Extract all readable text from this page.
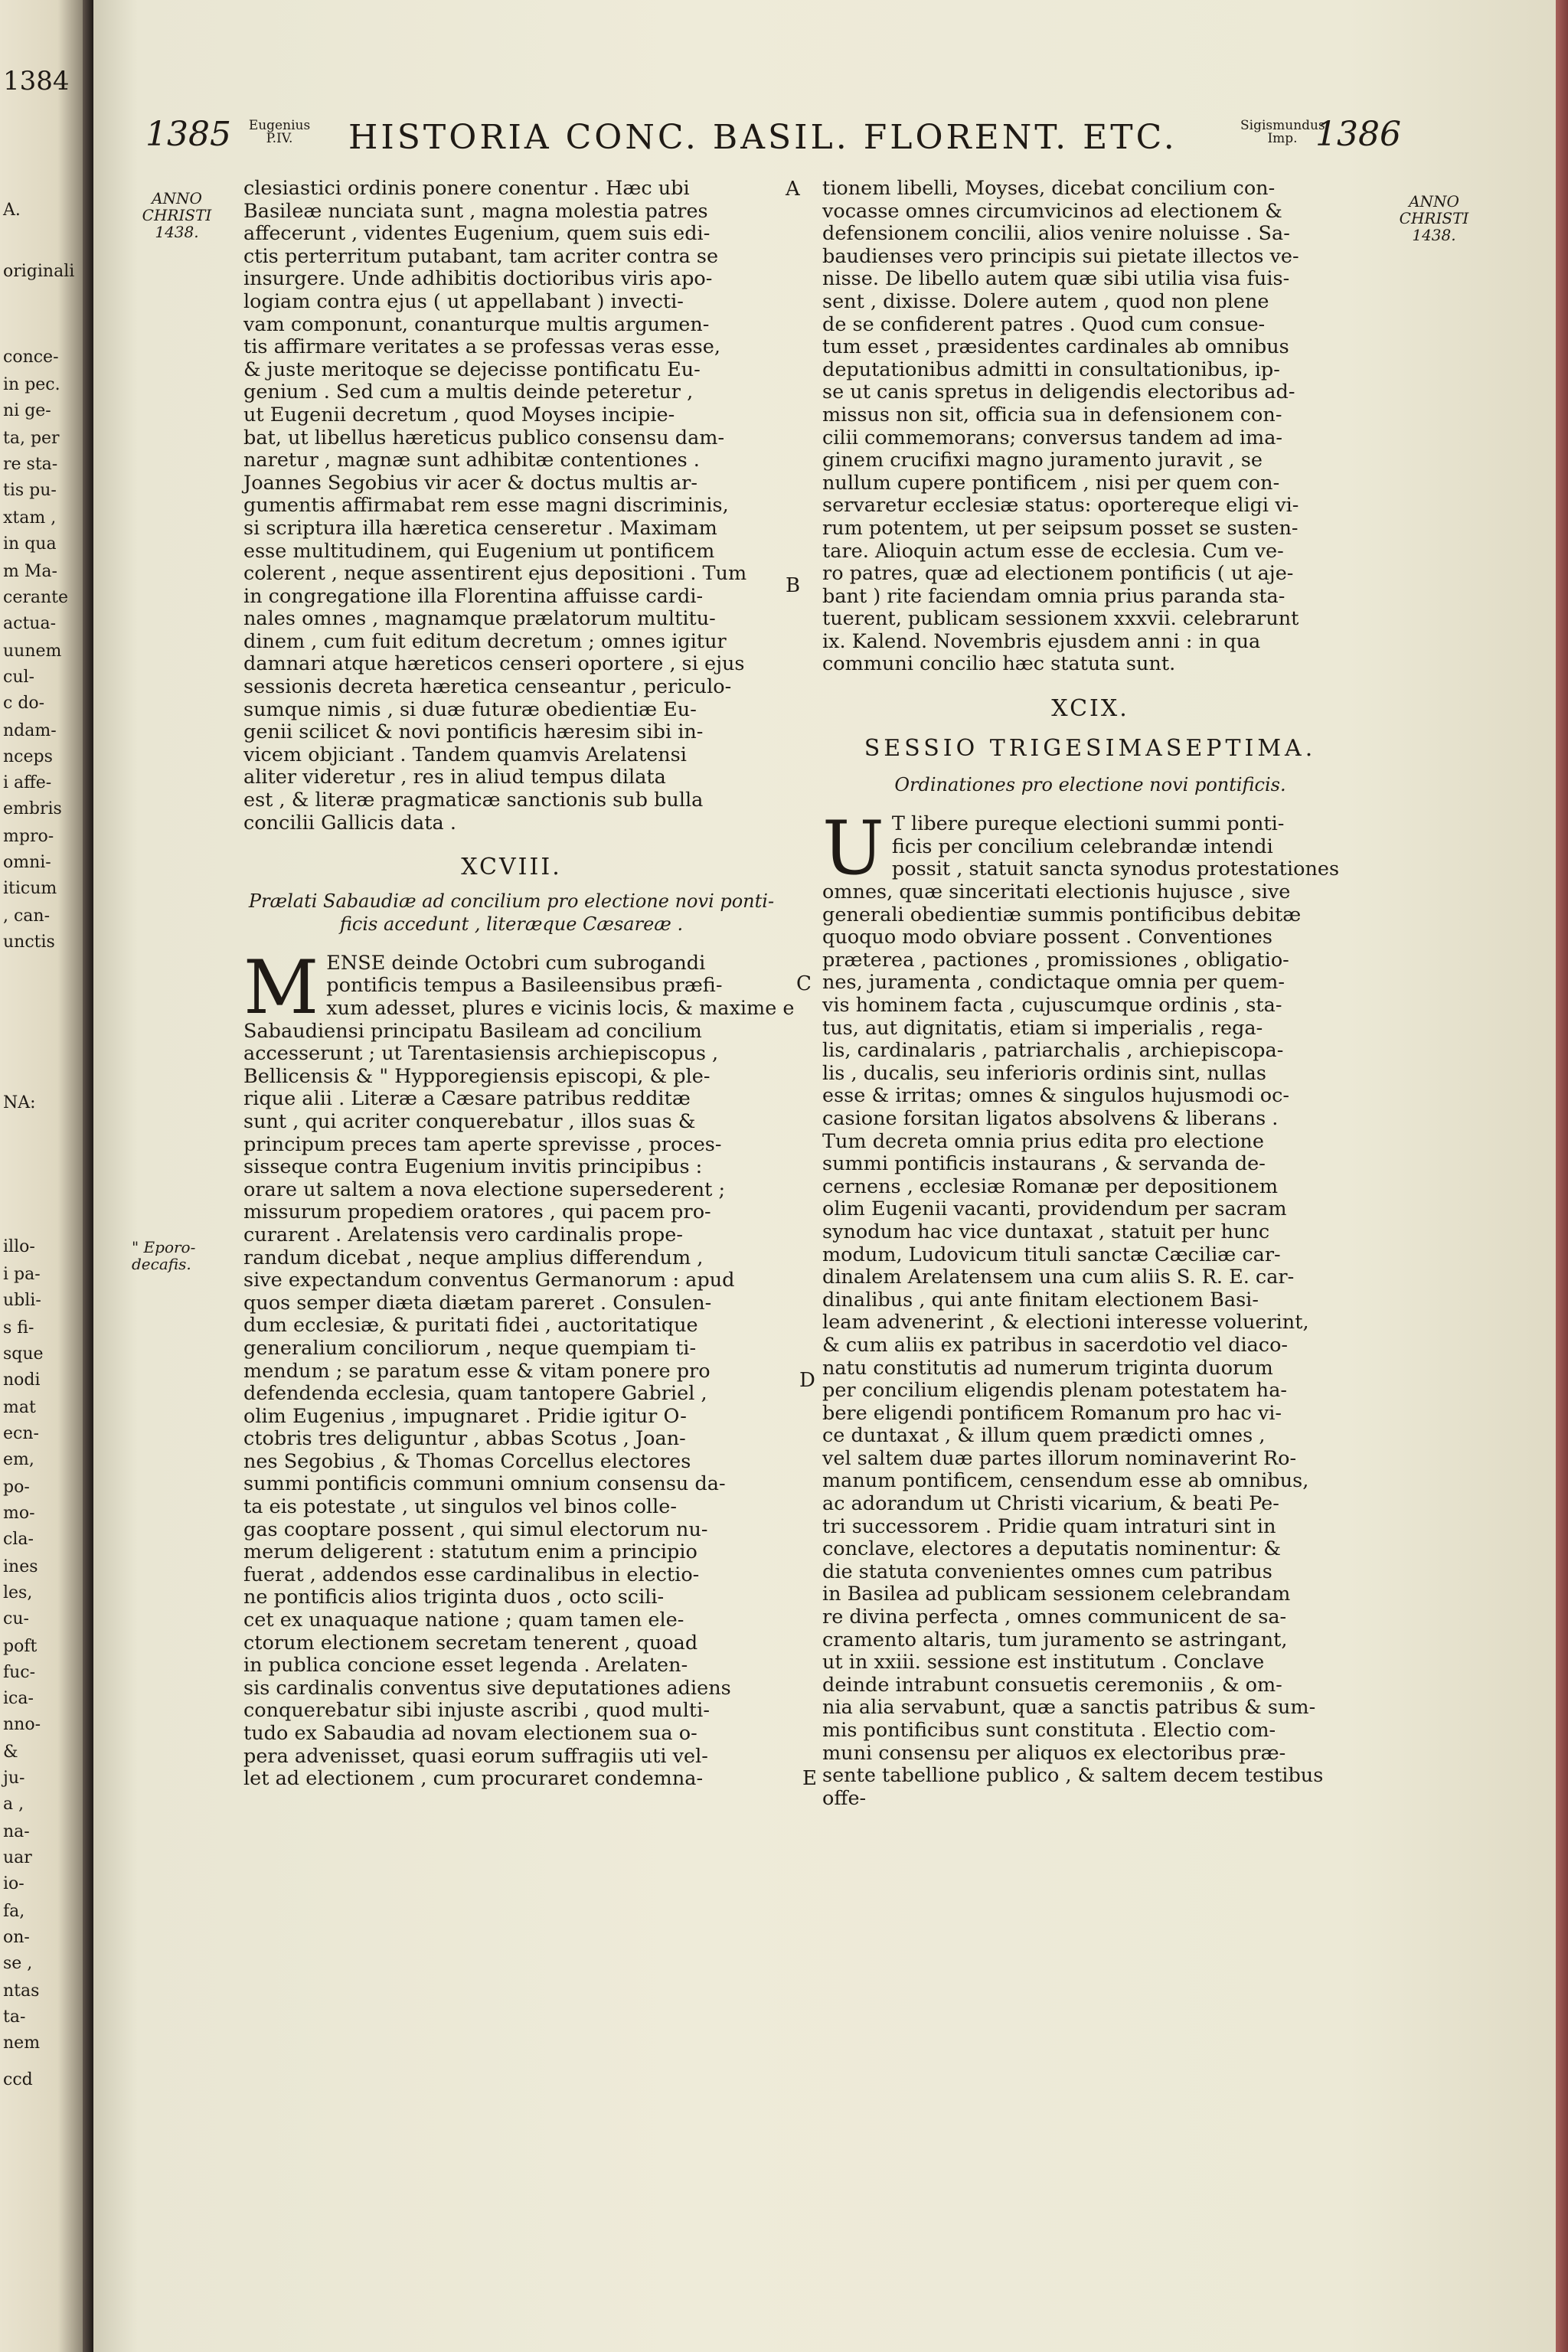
1384
A.
originali
conce-
in pec.
ni ge-
ta, per
re sta-
tis pu-
xtam ,
in qua
m Ma-
cerante
actua-
uunem
cul-
c do-
ndam-
nceps
i affe-
embris
mpro-
omni-
iticum
, can-
unctis
NA:
illo-
i pa-
ubli-
s fi-
sque
nodi
mat
ecn-
em,
po-
mo-
cla-
ines
les,
cu-
poft
fuc-
ica-
nno-
&
ju-
a ,
na-
uar
io-
fa,
on-
se ,
ntas
ta-
nem
ccd
1385	Eugenius P.IV.	HISTORIA CONC. BASIL. FLORENT. ETC.	Sigismundus Imp. 1386
ANNO
CHRISTI
1438.
ANNO
CHRISTI
1438.
" Eporo-
decafis.
A
B
C
D
E
clesiastici ordinis ponere conentur . Hæc ubi
Basileæ nunciata sunt , magna molestia patres
affecerunt , videntes Eugenium, quem suis edi-
ctis perterritum putabant, tam acriter contra se
insurgere. Unde adhibitis doctioribus viris apo-
logiam contra ejus ( ut appellabant ) invecti-
vam componunt, conanturque multis argumen-
tis affirmare veritates a se professas veras esse,
& juste meritoque se dejecisse pontificatu Eu-
genium . Sed cum a multis deinde peteretur ,
ut Eugenii decretum , quod Moyses incipie-
bat, ut libellus hæreticus publico consensu dam-
naretur , magnæ sunt adhibitæ contentiones .
Joannes Segobius vir acer & doctus multis ar-
gumentis affirmabat rem esse magni discriminis,
si scriptura illa hæretica censeretur . Maximam
esse multitudinem, qui Eugenium ut pontificem
colerent , neque assentirent ejus depositioni . Tum
in congregatione illa Florentina affuisse cardi-
nales omnes , magnamque prælatorum multitu-
dinem , cum fuit editum decretum ; omnes igitur
damnari atque hæreticos censeri oportere , si ejus
sessionis decreta hæretica censeantur , periculo-
sumque nimis , si duæ futuræ obedientiæ Eu-
genii scilicet & novi pontificis hæresim sibi in-
vicem objiciant . Tandem quamvis Arelatensi
aliter videretur , res in aliud tempus dilata
est , & literæ pragmaticæ sanctionis sub bulla
concilii Gallicis data .
XCVIII.
Prælati Sabaudiæ ad concilium pro electione novi ponti-
ficis accedunt , literæque Cæsareæ .
M ENSE deinde Octobri cum subrogandi
pontificis tempus a Basileensibus præfi-
xum adesset, plures e vicinis locis, & maxime e
Sabaudiensi principatu Basileam ad concilium
accesserunt ; ut Tarentasiensis archiepiscopus ,
Bellicensis & " Hypporegiensis episcopi, & ple-
rique alii . Literæ a Cæsare patribus redditæ
sunt , qui acriter conquerebatur , illos suas &
principum preces tam aperte sprevisse , proces-
sisseque contra Eugenium invitis principibus :
orare ut saltem a nova electione supersederent ;
missurum propediem oratores , qui pacem pro-
curarent . Arelatensis vero cardinalis prope-
randum dicebat , neque amplius differendum ,
sive expectandum conventus Germanorum : apud
quos semper diæta diætam pareret . Consulen-
dum ecclesiæ, & puritati fidei , auctoritatique
generalium conciliorum , neque quempiam ti-
mendum ; se paratum esse & vitam ponere pro
defendenda ecclesia, quam tantopere Gabriel ,
olim Eugenius , impugnaret . Pridie igitur O-
ctobris tres deliguntur , abbas Scotus , Joan-
nes Segobius , & Thomas Corcellus electores
summi pontificis communi omnium consensu da-
ta eis potestate , ut singulos vel binos colle-
gas cooptare possent , qui simul electorum nu-
merum deligerent : statutum enim a principio
fuerat , addendos esse cardinalibus in electio-
ne pontificis alios triginta duos , octo scili-
cet ex unaquaque natione ; quam tamen ele-
ctorum electionem secretam tenerent , quoad
in publica concione esset legenda . Arelaten-
sis cardinalis conventus sive deputationes adiens
conquerebatur sibi injuste ascribi , quod multi-
tudo ex Sabaudia ad novam electionem sua o-
pera advenisset, quasi eorum suffragiis uti vel-
let ad electionem , cum procuraret condemna-
tionem libelli, Moyses, dicebat concilium con-
vocasse omnes circumvicinos ad electionem &
defensionem concilii, alios venire noluisse . Sa-
baudienses vero principis sui pietate illectos ve-
nisse. De libello autem quæ sibi utilia visa fuis-
sent , dixisse. Dolere autem , quod non plene
de se confiderent patres . Quod cum consue-
tum esset , præsidentes cardinales ab omnibus
deputationibus admitti in consultationibus, ip-
se ut canis spretus in deligendis electoribus ad-
missus non sit, officia sua in defensionem con-
cilii commemorans; conversus tandem ad ima-
ginem crucifixi magno juramento juravit , se
nullum cupere pontificem , nisi per quem con-
servaretur ecclesiæ status: oportereque eligi vi-
rum potentem, ut per seipsum posset se susten-
tare. Alioquin actum esse de ecclesia. Cum ve-
ro patres, quæ ad electionem pontificis ( ut aje-
bant ) rite faciendam omnia prius paranda sta-
tuerent, publicam sessionem xxxvii. celebrarunt
ix. Kalend. Novembris ejusdem anni : in qua
communi concilio hæc statuta sunt.
XCIX.
SESSIO TRIGESIMASEPTIMA.
Ordinationes pro electione novi pontificis.
U T libere pureque electioni summi ponti-
ficis per concilium celebrandæ intendi
possit , statuit sancta synodus protestationes
omnes, quæ sinceritati electionis hujusce , sive
generali obedientiæ summis pontificibus debitæ
quoquo modo obviare possent . Conventiones
præterea , pactiones , promissiones , obligatio-
nes, juramenta , condictaque omnia per quem-
vis hominem facta , cujuscumque ordinis , sta-
tus, aut dignitatis, etiam si imperialis , rega-
lis, cardinalaris , patriarchalis , archiepiscopa-
lis , ducalis, seu inferioris ordinis sint, nullas
esse & irritas; omnes & singulos hujusmodi oc-
casione forsitan ligatos absolvens & liberans .
Tum decreta omnia prius edita pro electione
summi pontificis instaurans , & servanda de-
cernens , ecclesiæ Romanæ per depositionem
olim Eugenii vacanti, providendum per sacram
synodum hac vice duntaxat , statuit per hunc
modum, Ludovicum tituli sanctæ Cæciliæ car-
dinalem Arelatensem una cum aliis S. R. E. car-
dinalibus , qui ante finitam electionem Basi-
leam advenerint , & electioni interesse voluerint,
& cum aliis ex patribus in sacerdotio vel diaco-
natu constitutis ad numerum triginta duorum
per concilium eligendis plenam potestatem ha-
bere eligendi pontificem Romanum pro hac vi-
ce duntaxat , & illum quem prædicti omnes ,
vel saltem duæ partes illorum nominaverint Ro-
manum pontificem, censendum esse ab omnibus,
ac adorandum ut Christi vicarium, & beati Pe-
tri successorem . Pridie quam intraturi sint in
conclave, electores a deputatis nominentur: &
die statuta convenientes omnes cum patribus
in Basilea ad publicam sessionem celebrandam
re divina perfecta , omnes communicent de sa-
cramento altaris, tum juramento se astringant,
ut in xxiii. sessione est institutum . Conclave
deinde intrabunt consuetis ceremoniis , & om-
nia alia servabunt, quæ a sanctis patribus & sum-
mis pontificibus sunt constituta . Electio com-
muni consensu per aliquos ex electoribus præ-
sente tabellione publico , & saltem decem testibus
offe-
